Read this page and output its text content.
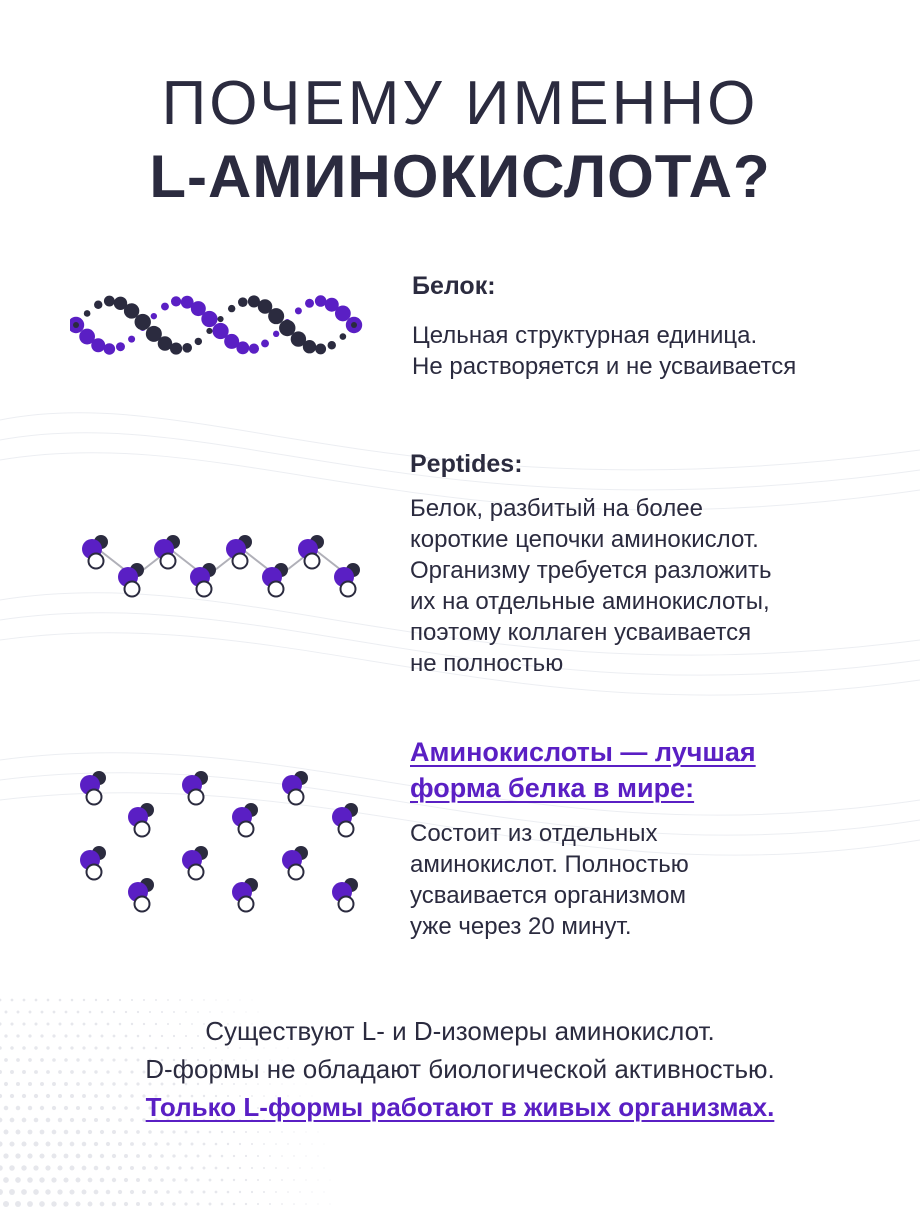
ПОЧЕМУ ИМЕННО
L-АМИНОКИСЛОТА?
Белок:
Цельная структурная единица.
Не растворяется и не усваивается
Peptides:
Белок, разбитый на более
короткие цепочки аминокислот.
Организму требуется разложить
их на отдельные аминокислоты,
поэтому коллаген усваивается
не полностью
Аминокислоты — лучшая
форма белка в мире:
Состоит из отдельных
аминокислот. Полностью
усваивается организмом
уже через 20 минут.
Существуют L- и D-изомеры аминокислот.
D-формы не обладают биологической активностью.
Только L-формы работают в живых организмах.
